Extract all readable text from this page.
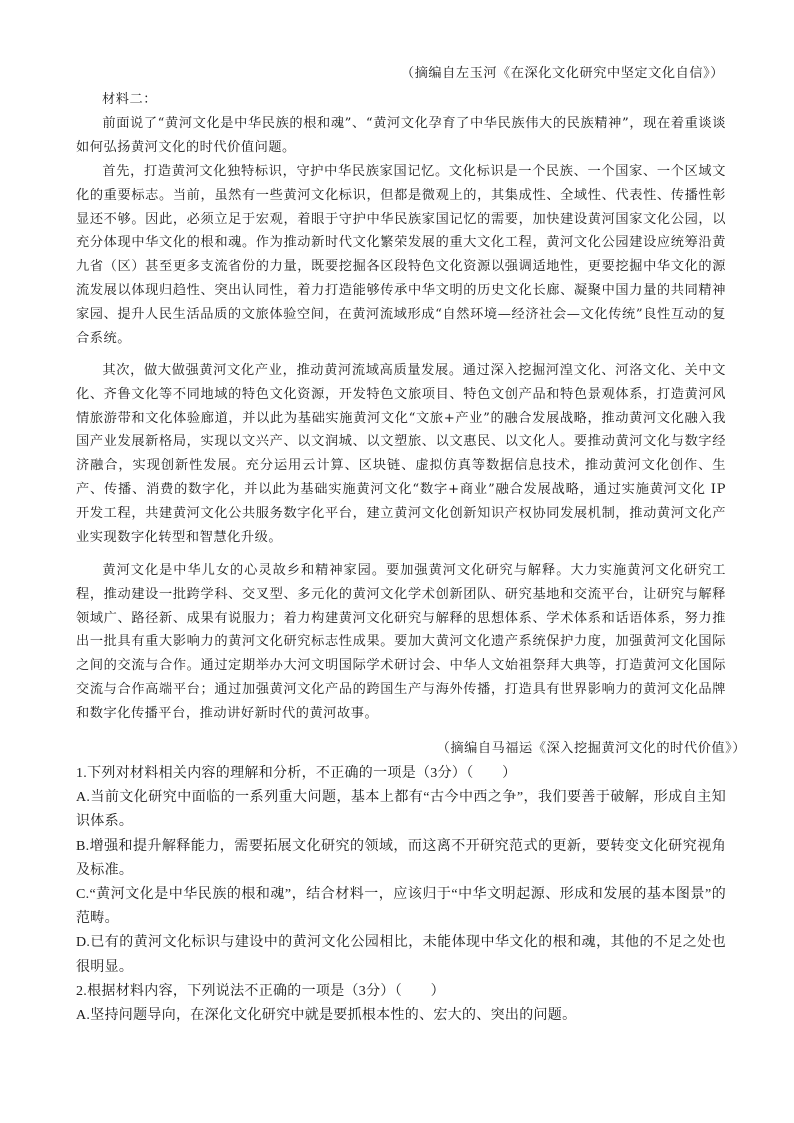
（摘编自左玉河《在深化文化研究中坚定文化自信》）
材料二：

前面说了“黄河文化是中华民族的根和魂”、“黄河文化孕育了中华民族伟大的民族精神”，现在着重谈谈如何弘扬黄河文化的时代价值问题。

首先，打造黄河文化独特标识，守护中华民族家国记忆。文化标识是一个民族、一个国家、一个区域文化的重要标志。当前，虽然有一些黄河文化标识，但都是微观上的，其集成性、全域性、代表性、传播性彰显还不够。因此，必须立足于宏观，着眼于守护中华民族家国记忆的需要，加快建设黄河国家文化公园，以充分体现中华文化的根和魂。作为推动新时代文化繁荣发展的重大文化工程，黄河文化公园建设应统筹沿黄九省（区）甚至更多支流省份的力量，既要挖掘各区段特色文化资源以强调适地性，更要挖掘中华文化的源流发展以体现归趋性、突出认同性，着力打造能够传承中华文明的历史文化长廊、凝聚中国力量的共同精神家园、提升人民生活品质的文旅体验空间，在黄河流域形成“自然环境—经济社会—文化传统”良性互动的复合系统。

其次，做大做强黄河文化产业，推动黄河流域高质量发展。通过深入挖掘河湟文化、河洛文化、关中文化、齐鲁文化等不同地域的特色文化资源，开发特色文旅项目、特色文创产品和特色景观体系，打造黄河风情旅游带和文化体验廊道，并以此为基础实施黄河文化“文旅+产业”的融合发展战略，推动黄河文化融入我国产业发展新格局，实现以文兴产、以文润城、以文塑旅、以文惠民、以文化人。要推动黄河文化与数字经济融合，实现创新性发展。充分运用云计算、区块链、虚拟仿真等数据信息技术，推动黄河文化创作、生产、传播、消费的数字化，并以此为基础实施黄河文化“数字+商业”融合发展战略，通过实施黄河文化 IP 开发工程，共建黄河文化公共服务数字化平台，建立黄河文化创新知识产权协同发展机制，推动黄河文化产业实现数字化转型和智慧化升级。

黄河文化是中华儿女的心灵故乡和精神家园。要加强黄河文化研究与解释。大力实施黄河文化研究工程，推动建设一批跨学科、交叉型、多元化的黄河文化学术创新团队、研究基地和交流平台，让研究与解释领域广、路径新、成果有说服力；着力构建黄河文化研究与解释的思想体系、学术体系和话语体系，努力推出一批具有重大影响力的黄河文化研究标志性成果。要加大黄河文化遗产系统保护力度，加强黄河文化国际之间的交流与合作。通过定期举办大河文明国际学术研讨会、中华人文始祖祭拜大典等，打造黄河文化国际交流与合作高端平台；通过加强黄河文化产品的跨国生产与海外传播，打造具有世界影响力的黄河文化品牌和数字化传播平台，推动讲好新时代的黄河故事。

（摘编自马福运《深入挖掘黄河文化的时代价值》）

1.下列对材料相关内容的理解和分析，不正确的一项是（3分）（　　）

A.当前文化研究中面临的一系列重大问题，基本上都有“古今中西之争”，我们要善于破解，形成自主知识体系。

B.增强和提升解释能力，需要拓展文化研究的领域，而这离不开研究范式的更新，要转变文化研究视角及标准。

C.“黄河文化是中华民族的根和魂”，结合材料一，应该归于“中华文明起源、形成和发展的基本图景”的范畴。

D.已有的黄河文化标识与建设中的黄河文化公园相比，未能体现中华文化的根和魂，其他的不足之处也很明显。

2.根据材料内容，下列说法不正确的一项是（3分）（　　）

A.坚持问题导向，在深化文化研究中就是要抓根本性的、宏大的、突出的问题。
